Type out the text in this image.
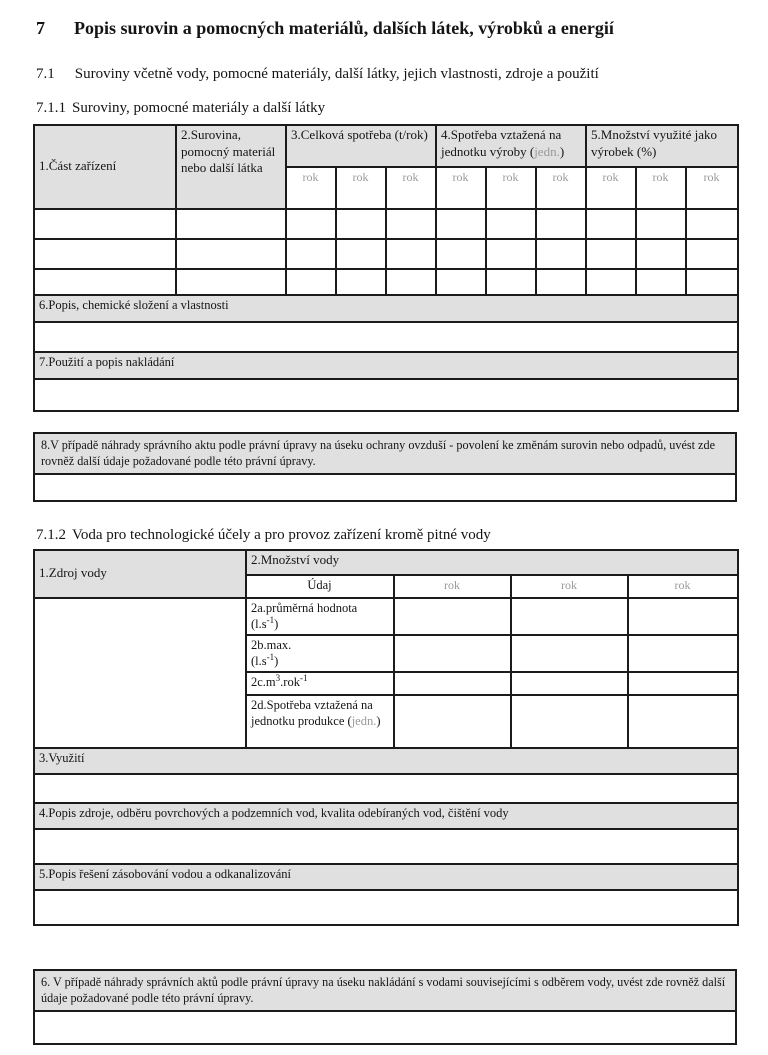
7 Popis surovin a pomocných materiálů, dalších látek, výrobků a energií
7.1 Suroviny včetně vody, pomocné materiály, další látky, jejich vlastnosti, zdroje a použití
7.1.1 Suroviny, pomocné materiály a další látky
1.Část zařízení	2.Surovina, pomocný materiál nebo další látka	3.Celková spotřeba (t/rok)			4.Spotřeba vztažená na jednotku výroby (jedn.)			5.Množství využité jako výrobek (%)		
		rok	rok	rok	rok	rok	rok	rok	rok	rok

6.Popis, chemické složení a vlastnosti										

7.Použití a popis nakládání										

8.V případě náhrady správního aktu podle právní úpravy na úseku ochrany ovzduší - povolení ke změnám surovin nebo odpadů, uvést zde rovněž další údaje požadované podle této právní úpravy.

7.1.2 Voda pro technologické účely a pro provoz zařízení kromě pitné vody
1.Zdroj vody	2.Množství vody			
	Údaj	rok	rok	rok
	2a.průměrná hodnota
$(l.s^{-1})$			
	2b.max.
$(l.s^{-1})$			
	$2c.m^3.rok^{-1}$			
	2d.Spotřeba vztažená na jednotku produkce (jedn.)			
3.Využití				

4.Popis zdroje, odběru povrchových a podzemních vod, kvalita odebíraných vod, čištění vody				

5.Popis řešení zásobování vodou a odkanalizování				

6. V případě náhrady správních aktů podle právní úpravy na úseku nakládání s vodami souvisejícími s odběrem vody, uvést zde rovněž další údaje požadované podle této právní úpravy.
